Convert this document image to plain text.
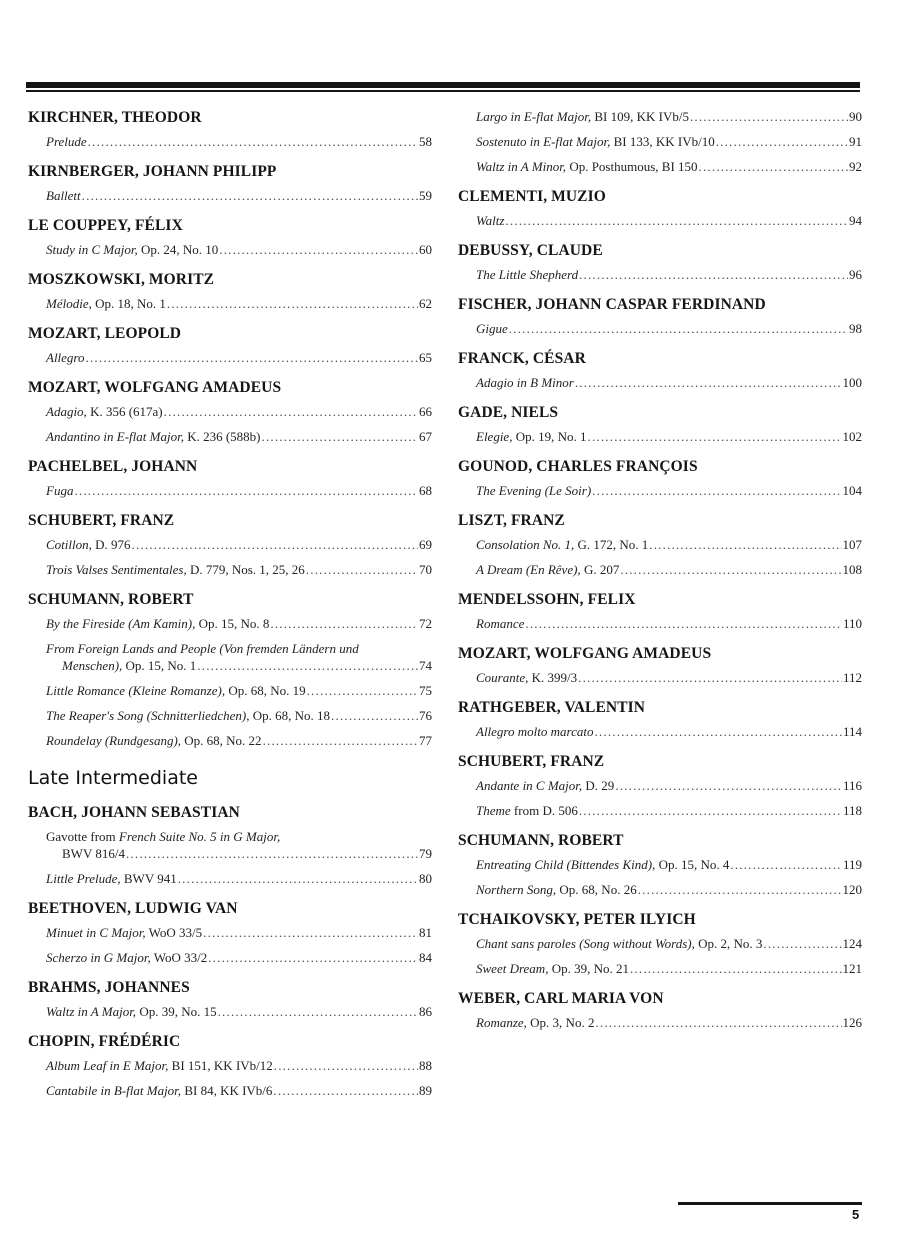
KIRCHNER, THEODOR
Prelude .....	58
KIRNBERGER, JOHANN PHILIPP
Ballett .....	59
LE COUPPEY, FÉLIX
Study in C Major, Op. 24, No. 10 .....	60
MOSZKOWSKI, MORITZ
Mélodie, Op. 18, No. 1 .....	62
MOZART, LEOPOLD
Allegro .....	65
MOZART, WOLFGANG AMADEUS
Adagio, K. 356 (617a) .....	66
Andantino in E-flat Major, K. 236 (588b) .....	67
PACHELBEL, JOHANN
Fuga .....	68
SCHUBERT, FRANZ
Cotillon, D. 976 .....	69
Trois Valses Sentimentales, D. 779, Nos. 1, 25, 26 .....	70
SCHUMANN, ROBERT
By the Fireside (Am Kamin), Op. 15, No. 8 .....	72
From Foreign Lands and People (Von fremden Ländern und
Menschen), Op. 15, No. 1 .....	74
Little Romance (Kleine Romanze), Op. 68, No. 19 .....	75
The Reaper's Song (Schnitterliedchen), Op. 68, No. 18 .....	76
Roundelay (Rundgesang), Op. 68, No. 22 .....	77
Late Intermediate
BACH, JOHANN SEBASTIAN
Gavotte from French Suite No. 5 in G Major,
BWV 816/4 .....	79
Little Prelude, BWV 941 .....	80
BEETHOVEN, LUDWIG VAN
Minuet in C Major, WoO 33/5 .....	81
Scherzo in G Major, WoO 33/2 .....	84
BRAHMS, JOHANNES
Waltz in A Major, Op. 39, No. 15 .....	86
CHOPIN, FRÉDÉRIC
Album Leaf in E Major, BI 151, KK IVb/12 .....	88
Cantabile in B-flat Major, BI 84, KK IVb/6 .....	89
Largo in E-flat Major, BI 109, KK IVb/5 .....	90
Sostenuto in E-flat Major, BI 133, KK IVb/10 .....	91
Waltz in A Minor, Op. Posthumous, BI 150 .....	92
CLEMENTI, MUZIO
Waltz .....	94
DEBUSSY, CLAUDE
The Little Shepherd .....	96
FISCHER, JOHANN CASPAR FERDINAND
Gigue .....	98
FRANCK, CÉSAR
Adagio in B Minor .....	100
GADE, NIELS
Elegie, Op. 19, No. 1 .....	102
GOUNOD, CHARLES FRANÇOIS
The Evening (Le Soir) .....	104
LISZT, FRANZ
Consolation No. 1, G. 172, No. 1 .....	107
A Dream (En Rêve), G. 207 .....	108
MENDELSSOHN, FELIX
Romance .....	110
MOZART, WOLFGANG AMADEUS
Courante, K. 399/3 .....	112
RATHGEBER, VALENTIN
Allegro molto marcato .....	114
SCHUBERT, FRANZ
Andante in C Major, D. 29 .....	116
Theme from D. 506 .....	118
SCHUMANN, ROBERT
Entreating Child (Bittendes Kind), Op. 15, No. 4 .....	119
Northern Song, Op. 68, No. 26 .....	120
TCHAIKOVSKY, PETER ILYICH
Chant sans paroles (Song without Words), Op. 2, No. 3 .....	124
Sweet Dream, Op. 39, No. 21 .....	121
WEBER, CARL MARIA VON
Romanze, Op. 3, No. 2 .....	126
5
